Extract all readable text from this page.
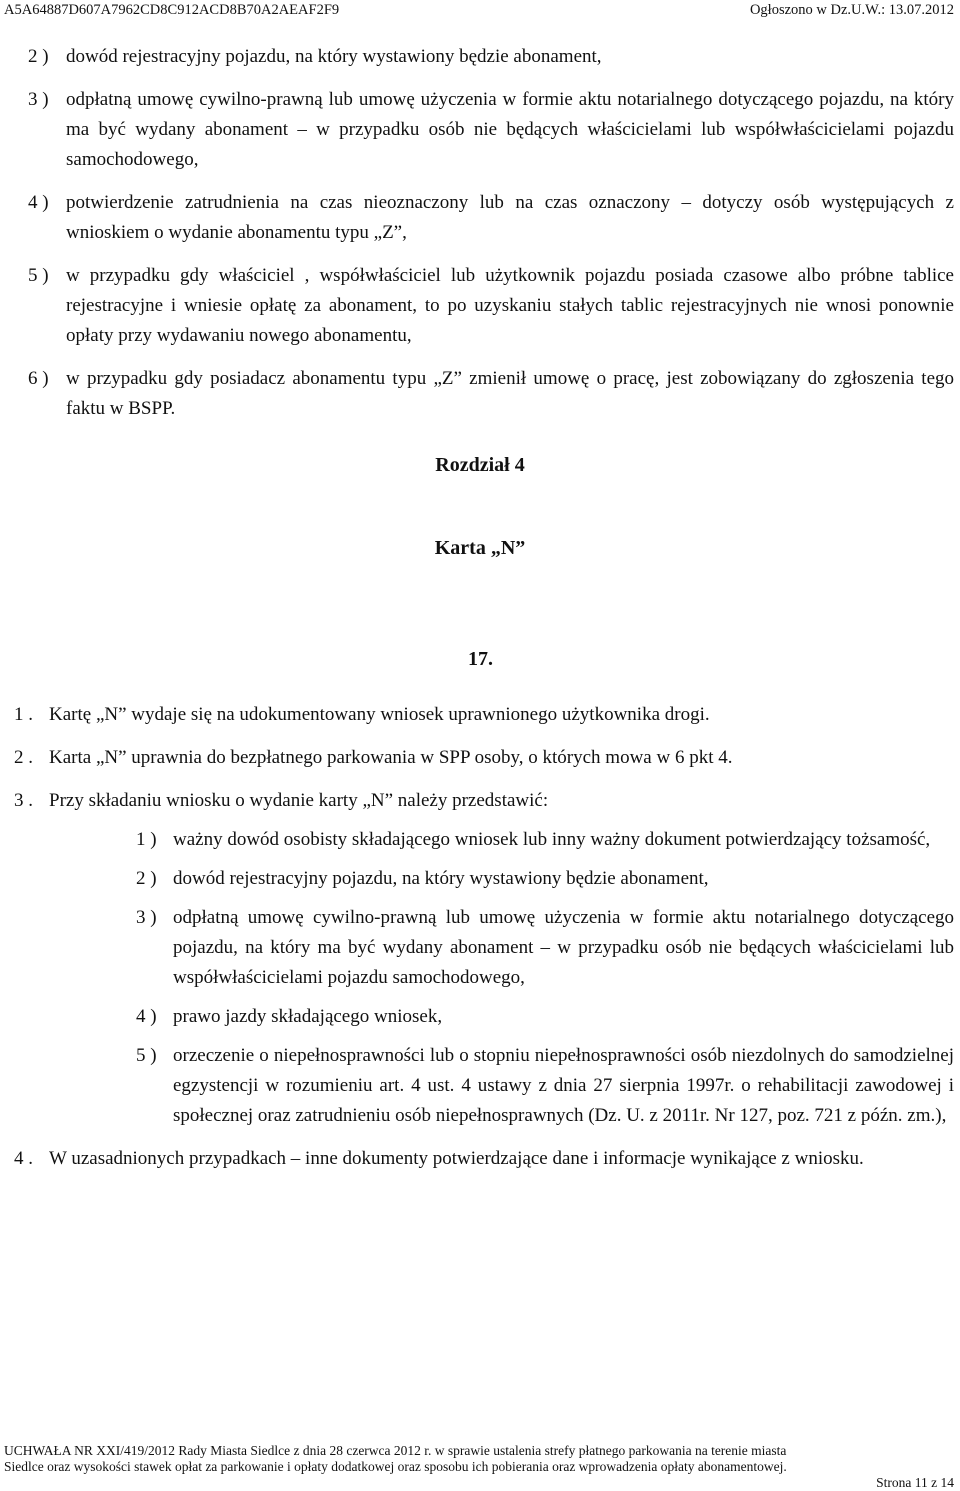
A5A64887D607A7962CD8C912ACD8B70A2AEAF2F9	Ogłoszono w Dz.U.W.: 13.07.2012
2 ) dowód rejestracyjny pojazdu, na który wystawiony będzie abonament,
3 ) odpłatną umowę cywilno-prawną lub umowę użyczenia w formie aktu notarialnego dotyczącego pojazdu, na który ma być wydany abonament – w przypadku osób nie będących właścicielami lub współwłaścicielami pojazdu samochodowego,
4 ) potwierdzenie zatrudnienia na czas nieoznaczony lub na czas oznaczony – dotyczy osób występujących z wnioskiem o wydanie abonamentu typu „Z”,
5 ) w przypadku gdy właściciel , współwłaściciel lub użytkownik pojazdu posiada czasowe albo próbne tablice rejestracyjne i wniesie opłatę za abonament, to po uzyskaniu stałych tablic rejestracyjnych nie wnosi ponownie opłaty przy wydawaniu nowego abonamentu,
6 ) w przypadku gdy posiadacz abonamentu typu „Z” zmienił umowę o pracę, jest zobowiązany do zgłoszenia tego faktu w BSPP.
Rozdział 4
Karta „N”
17.
1 . Kartę „N” wydaje się na udokumentowany wniosek uprawnionego użytkownika drogi.
2 . Karta „N” uprawnia do bezpłatnego parkowania w SPP osoby, o których mowa w 6 pkt 4.
3 . Przy składaniu wniosku o wydanie karty „N” należy przedstawić:
1 ) ważny dowód osobisty składającego wniosek lub inny ważny dokument potwierdzający tożsamość,
2 ) dowód rejestracyjny pojazdu, na który wystawiony będzie abonament,
3 ) odpłatną umowę cywilno-prawną lub umowę użyczenia w formie aktu notarialnego dotyczącego pojazdu, na który ma być wydany abonament – w przypadku osób nie będących właścicielami lub współwłaścicielami pojazdu samochodowego,
4 ) prawo jazdy składającego wniosek,
5 ) orzeczenie o niepełnosprawności lub o stopniu niepełnosprawności osób niezdolnych do samodzielnej egzystencji w rozumieniu art. 4 ust. 4 ustawy z dnia 27 sierpnia 1997r. o rehabilitacji zawodowej i społecznej oraz zatrudnieniu osób niepełnosprawnych (Dz. U. z 2011r. Nr 127, poz. 721 z późn. zm.),
4 . W uzasadnionych przypadkach – inne dokumenty potwierdzające dane i informacje wynikające z wniosku.
UCHWAŁA NR XXI/419/2012 Rady Miasta Siedlce z dnia 28 czerwca 2012 r. w sprawie ustalenia strefy płatnego parkowania na terenie miasta
Siedlce oraz wysokości stawek opłat za parkowanie i opłaty dodatkowej oraz sposobu ich pobierania oraz wprowadzenia opłaty abonamentowej.
Strona 11 z 14
